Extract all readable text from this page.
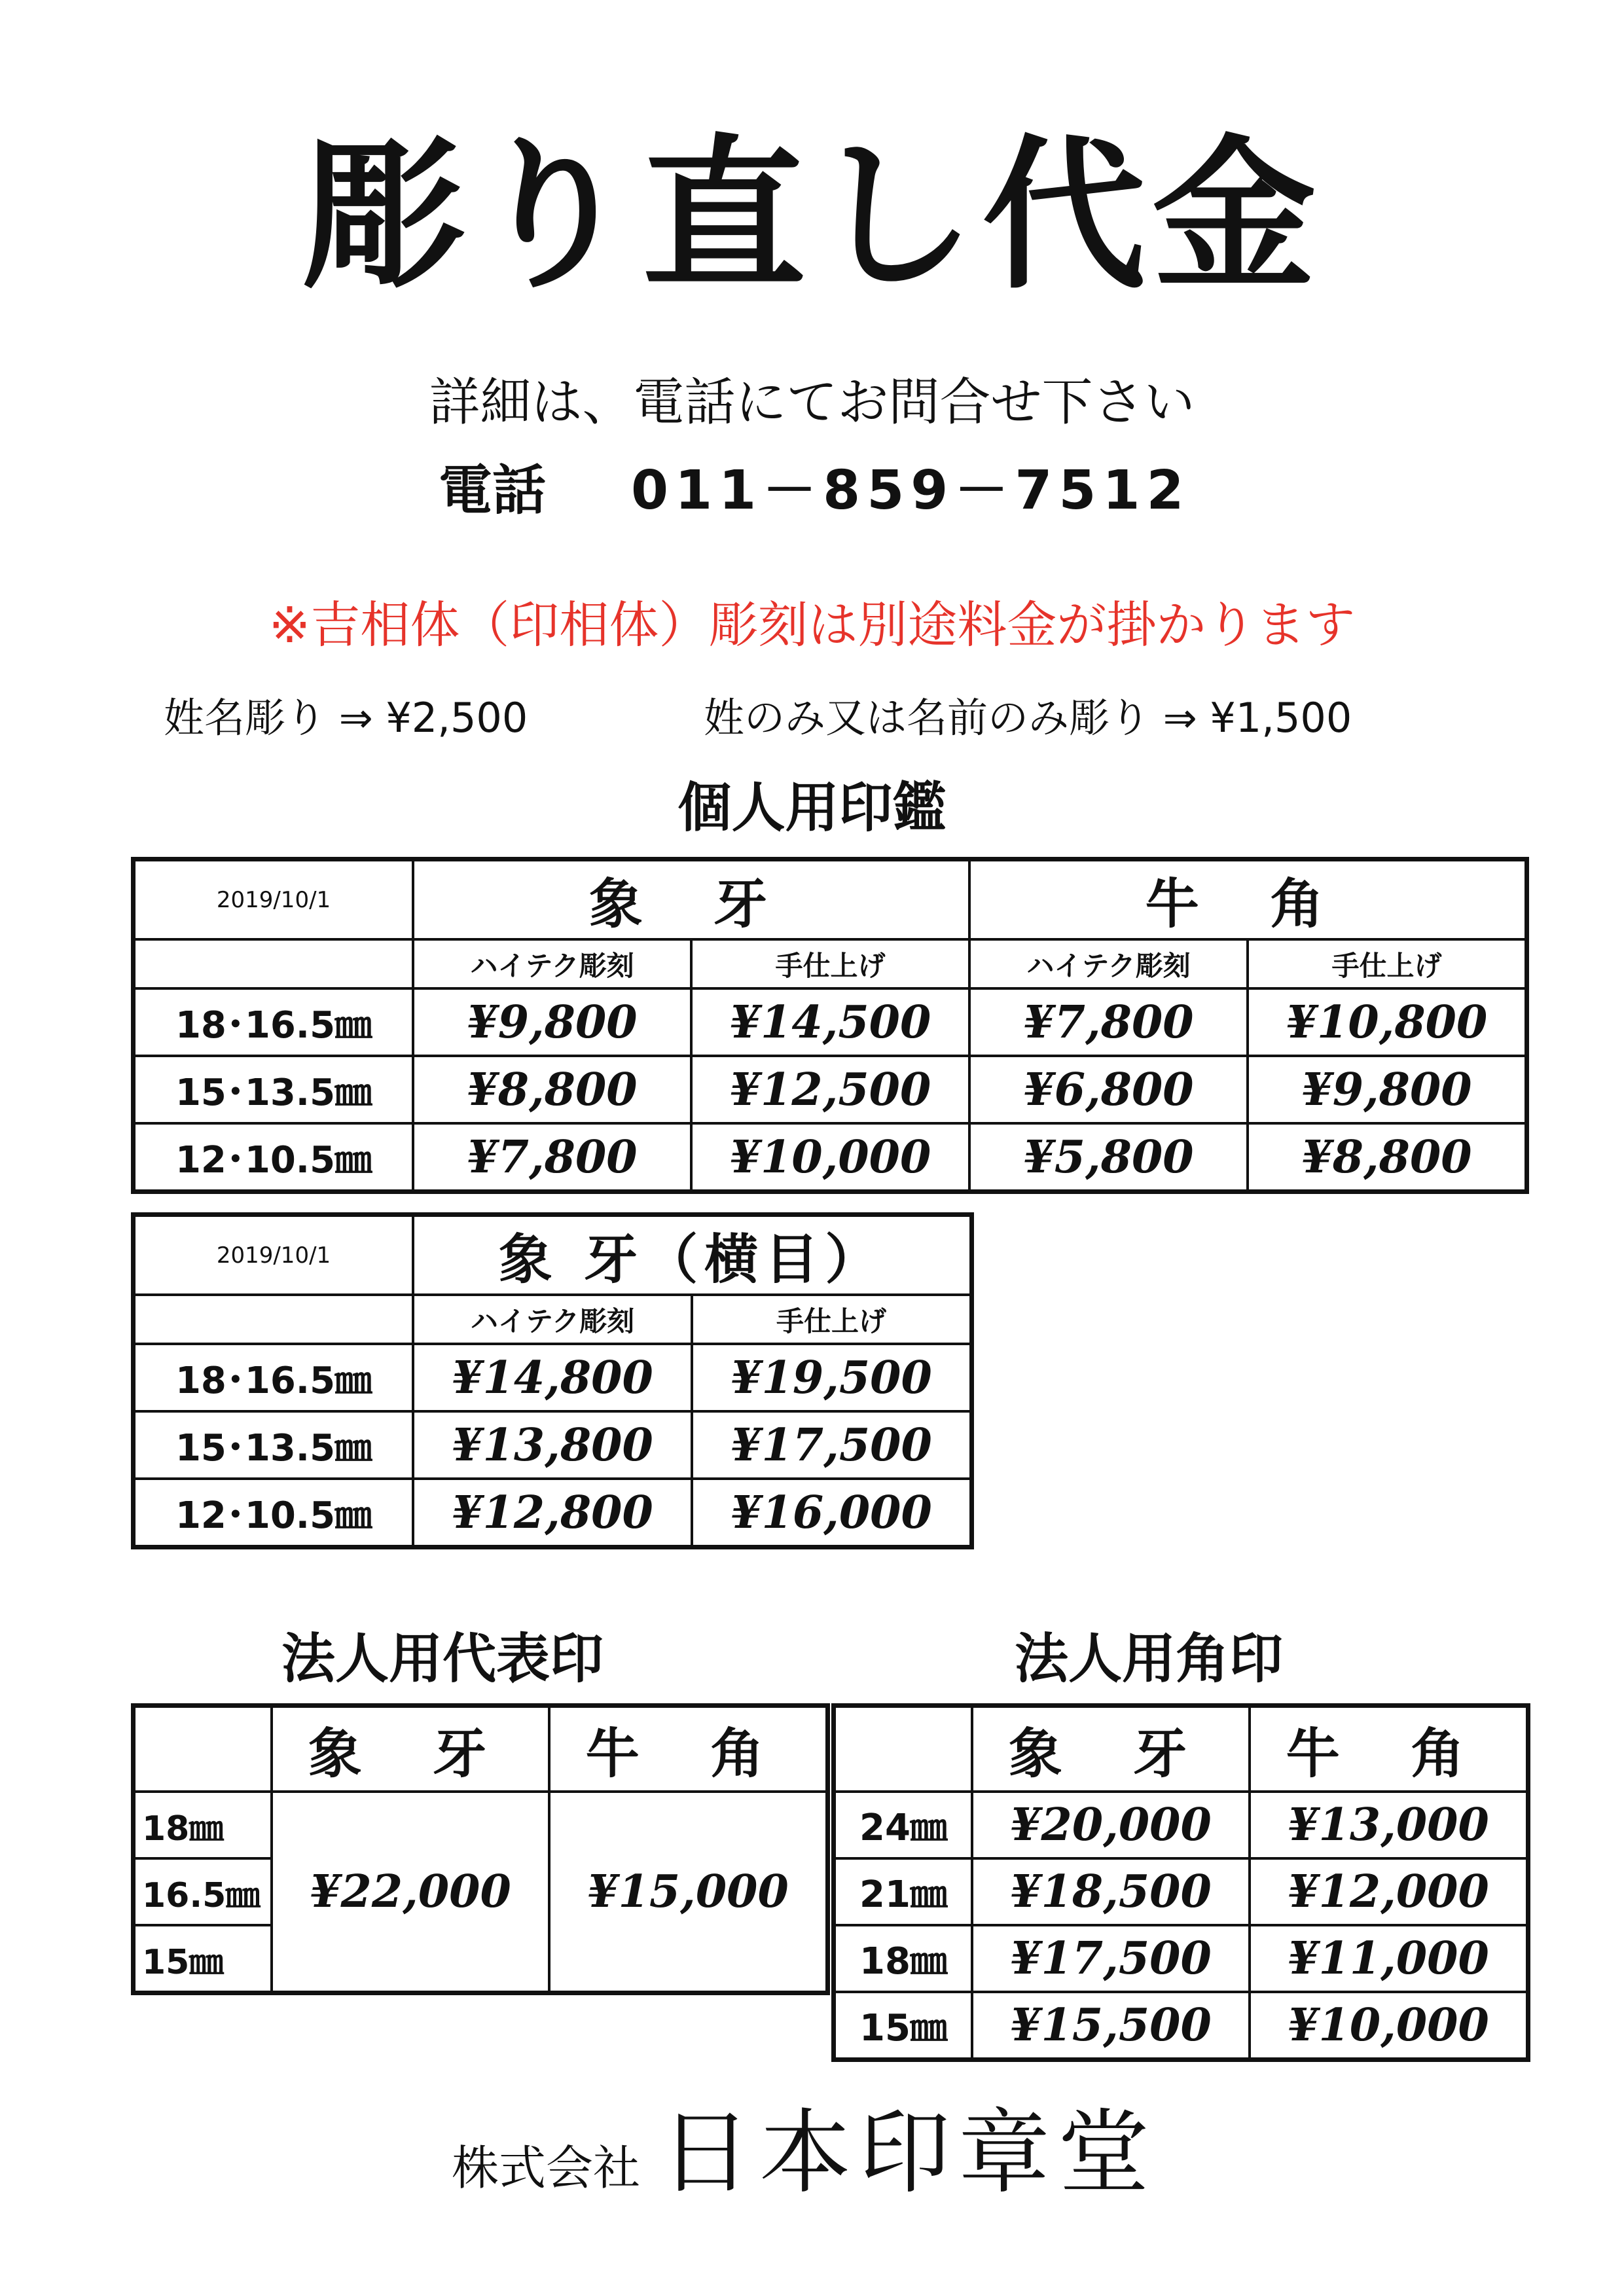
彫り直し代金
詳細は、電話にてお問合せ下さい
電話 011－859－7512
※吉相体（印相体）彫刻は別途料金が掛かります
姓名彫り ⇒ ¥2,500	姓のみ又は名前のみ彫り ⇒ ¥1,500
個人用印鑑
2019/10/1	象 牙		牛 角	
	ハイテク彫刻	手仕上げ	ハイテク彫刻	手仕上げ
18･16.5㎜	¥9,800	¥14,500	¥7,800	¥10,800
15･13.5㎜	¥8,800	¥12,500	¥6,800	¥9,800
12･10.5㎜	¥7,800	¥10,000	¥5,800	¥8,800
2019/10/1	象 牙（横目）	
	ハイテク彫刻	手仕上げ
18･16.5㎜	¥14,800	¥19,500
15･13.5㎜	¥13,800	¥17,500
12･10.5㎜	¥12,800	¥16,000
法人用代表印	法人用角印
	象 牙	牛 角
18㎜	¥22,000	¥15,000
16.5㎜		
15㎜		
	象 牙	牛 角
24㎜	¥20,000	¥13,000
21㎜	¥18,500	¥12,000
18㎜	¥17,500	¥11,000
15㎜	¥15,500	¥10,000
株式会社 日本印章堂
